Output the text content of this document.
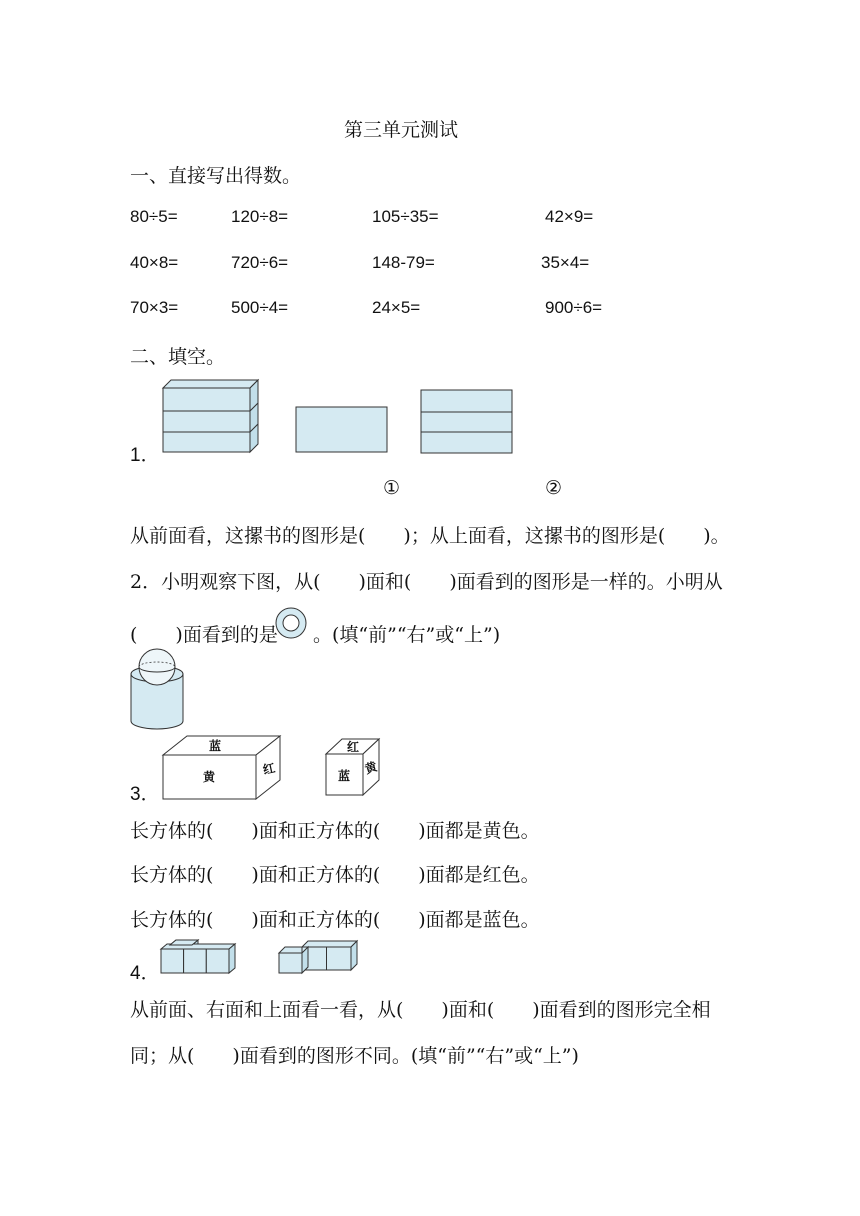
第三单元测试
一、直接写出得数。
80÷5=	120÷8=	105÷35=	42×9=
40×8=	720÷6=	148-79=	35×4=
70×3=	500÷4=	24×5=	900÷6=
二、填空。
1．
①	②
从前面看，这摞书的图形是(　　)；从上面看，这摞书的图形是(　　)。
2．小明观察下图，从(　　)面和(　　)面看到的图形是一样的。小明从
(　　)面看到的是 。(填“前”“右”或“上”)
3．
蓝
黄	红
红
蓝 黄
长方体的(　　)面和正方体的(　　)面都是黄色。
长方体的(　　)面和正方体的(　　)面都是红色。
长方体的(　　)面和正方体的(　　)面都是蓝色。
4．
从前面、右面和上面看一看，从(　　)面和(　　)面看到的图形完全相
同；从(　　)面看到的图形不同。(填“前”“右”或“上”)
